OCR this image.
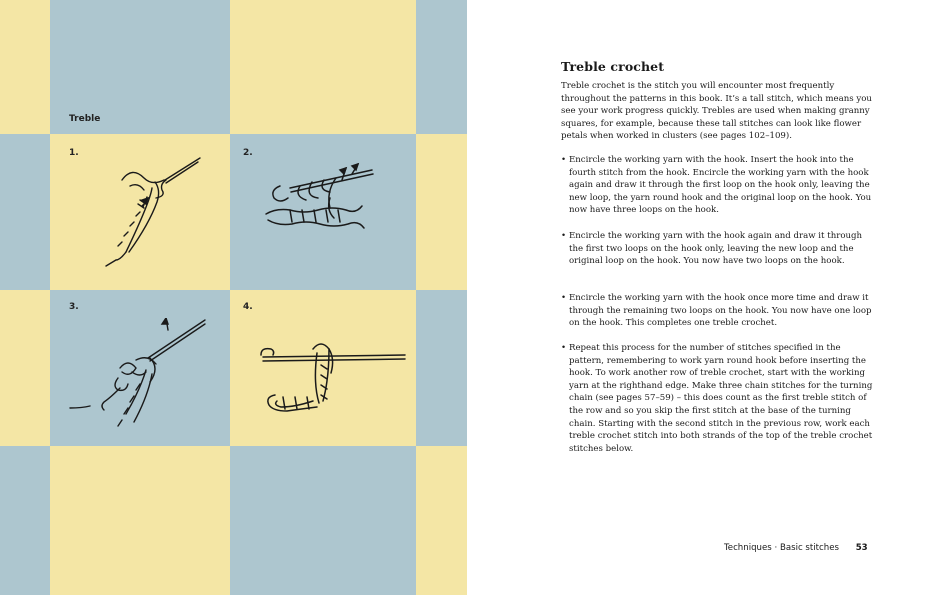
Treble
1.	2.
3.	4.
Treble crochet

Treble crochet is the stitch you will encounter most frequently throughout the patterns in this book. It’s a tall stitch, which means you see your work progress quickly. Trebles are used when making granny squares, for example, because these tall stitches can look like flower petals when worked in clusters (see pages 102–109).

• Encircle the working yarn with the hook. Insert the hook into the fourth stitch from the hook. Encircle the working yarn with the hook again and draw it through the first loop on the hook only, leaving the new loop, the yarn round hook and the original loop on the hook. You now have three loops on the hook.
• Encircle the working yarn with the hook again and draw it through the first two loops on the hook only, leaving the new loop and the original loop on the hook. You now have two loops on the hook.
• Encircle the working yarn with the hook once more time and draw it through the remaining two loops on the hook. You now have one loop on the hook. This completes one treble crochet.
• Repeat this process for the number of stitches specified in the pattern, remembering to work yarn round hook before inserting the hook. To work another row of treble crochet, start with the working yarn at the righthand edge. Make three chain stitches for the turning chain (see pages 57–59) – this does count as the first treble stitch of the row and so you skip the first stitch at the base of the turning chain. Starting with the second stitch in the previous row, work each treble crochet stitch into both strands of the top of the treble crochet stitches below.
Techniques · Basic stitches 53
